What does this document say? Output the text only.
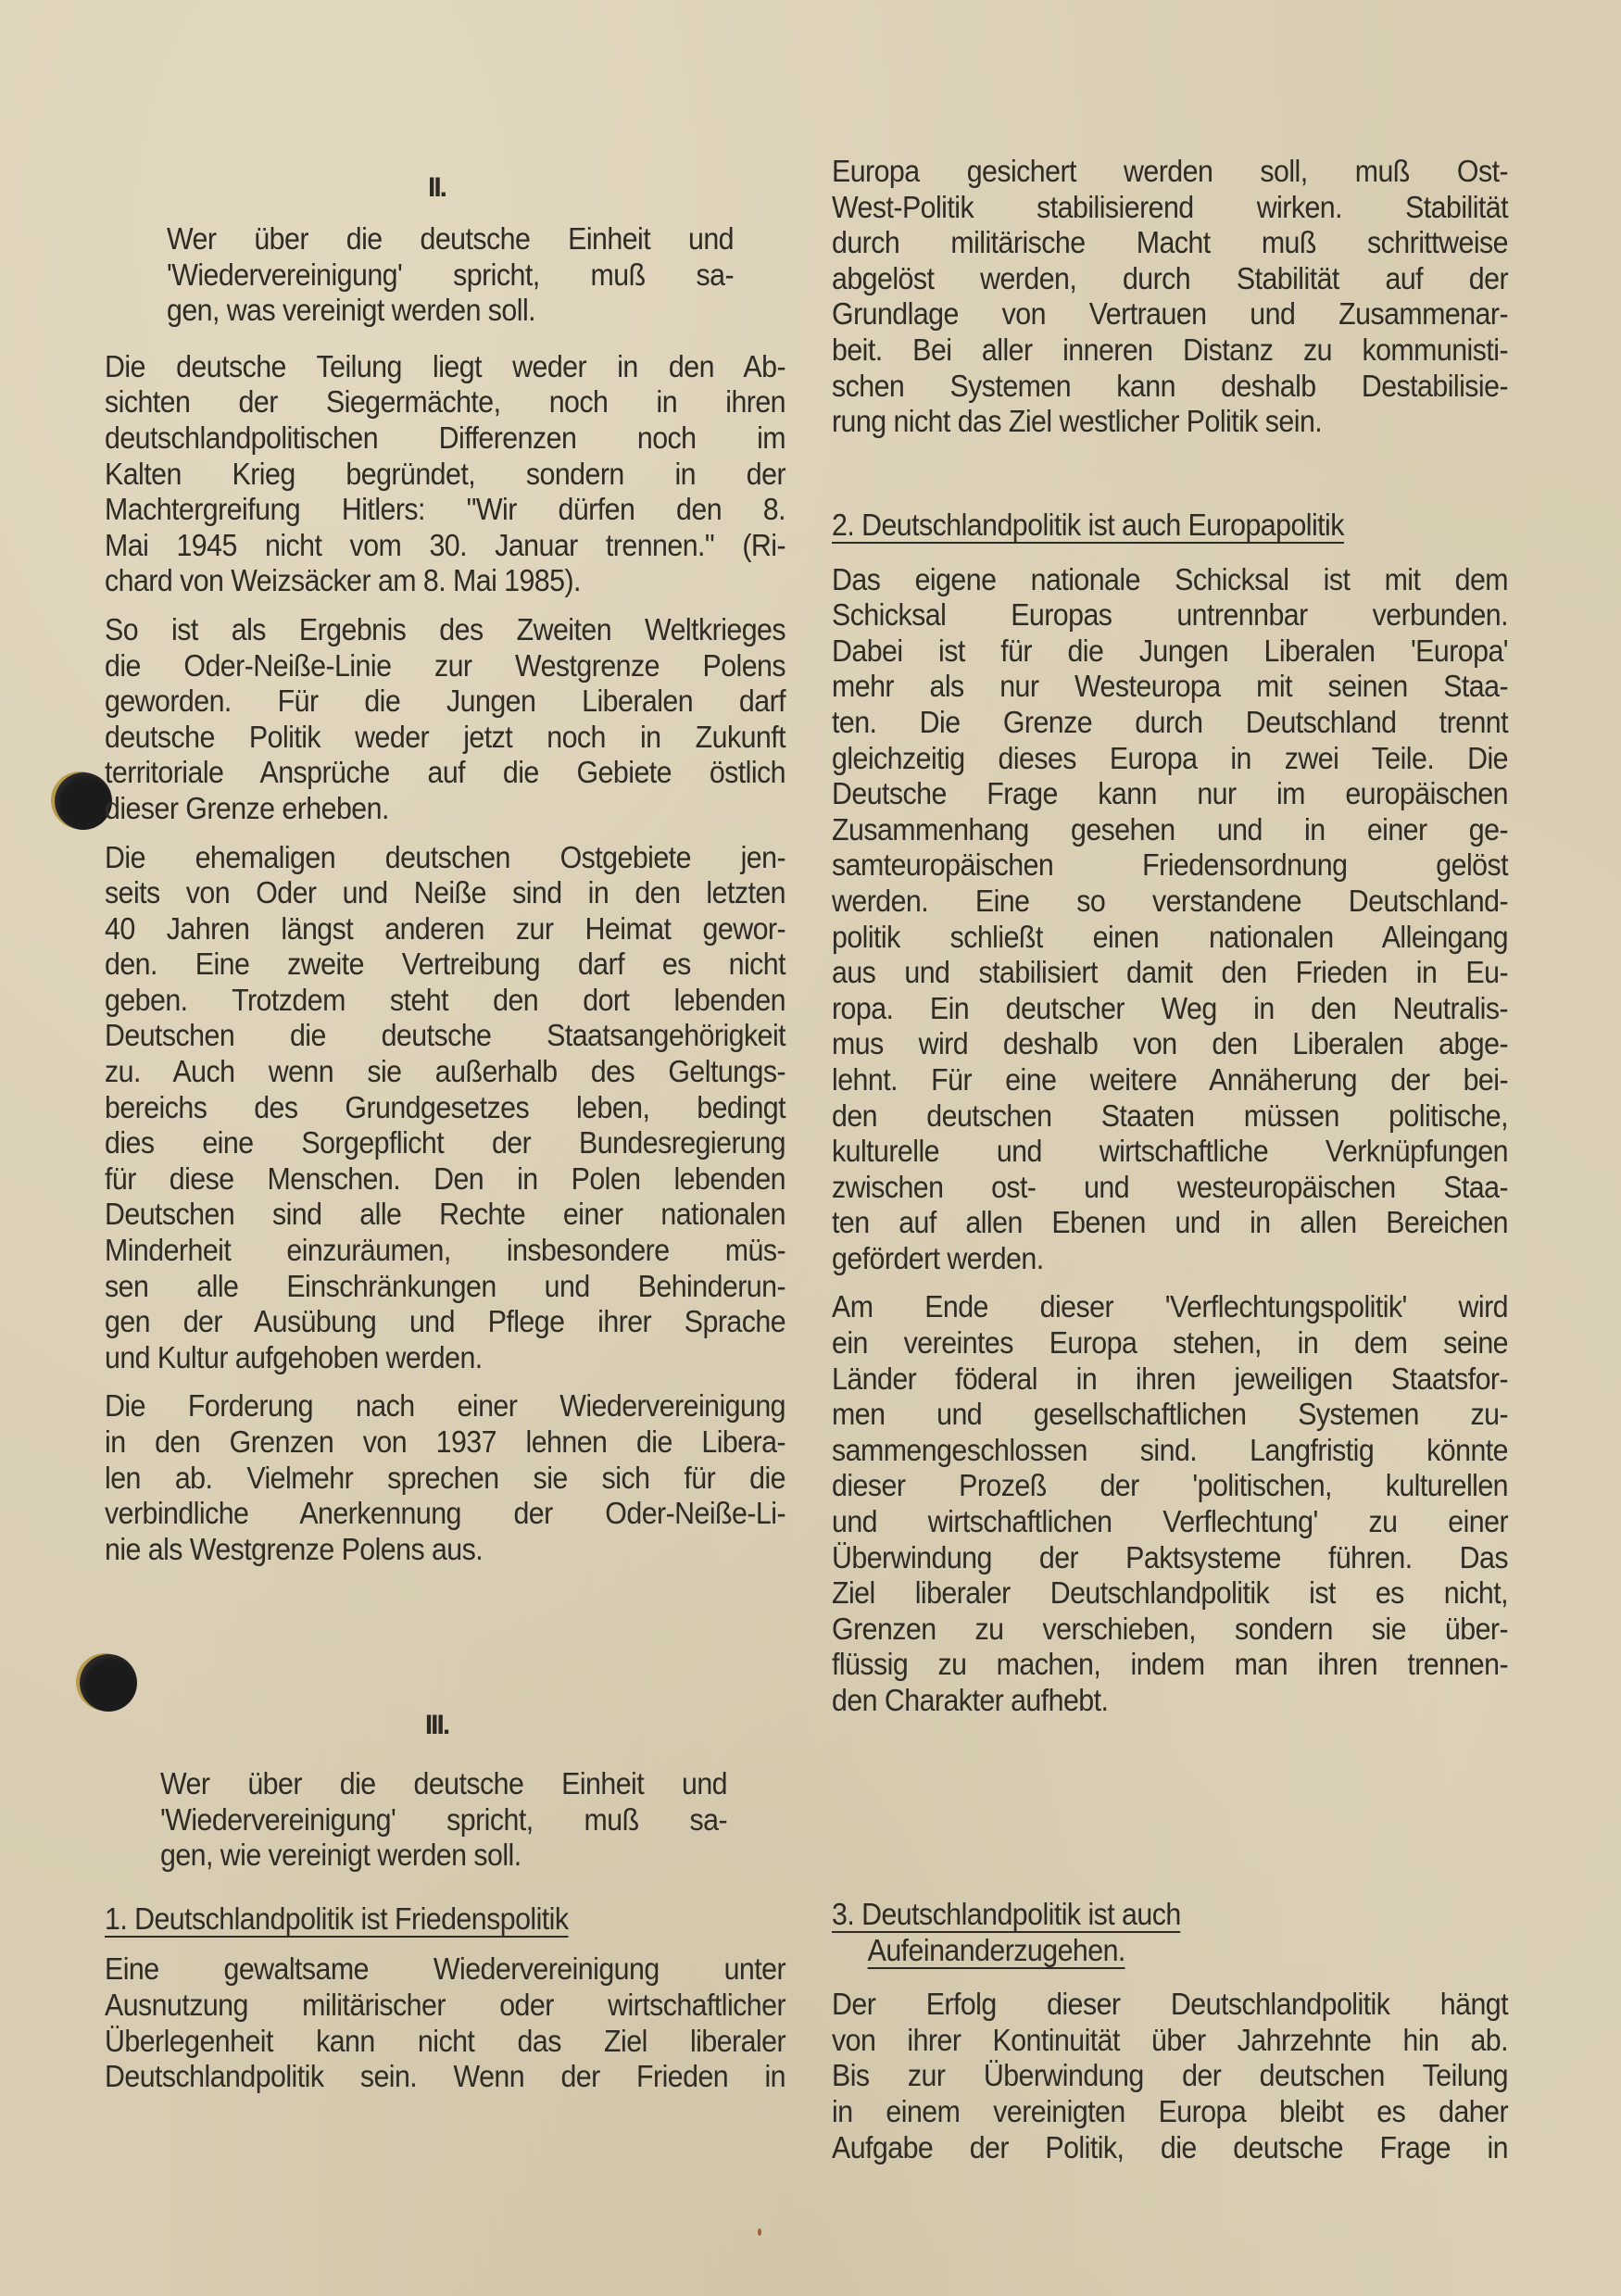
II.
Wer über die deutsche Einheit und
'Wiedervereinigung' spricht, muß sa-
gen, was vereinigt werden soll.
Die deutsche Teilung liegt weder in den Ab-
sichten der Siegermächte, noch in ihren
deutschlandpolitischen Differenzen noch im
Kalten Krieg begründet, sondern in der
Machtergreifung Hitlers: "Wir dürfen den 8.
Mai 1945 nicht vom 30. Januar trennen." (Ri-
chard von Weizsäcker am 8. Mai 1985).
So ist als Ergebnis des Zweiten Weltkrieges
die Oder-Neiße-Linie zur Westgrenze Polens
geworden. Für die Jungen Liberalen darf
deutsche Politik weder jetzt noch in Zukunft
territoriale Ansprüche auf die Gebiete östlich
dieser Grenze erheben.
Die ehemaligen deutschen Ostgebiete jen-
seits von Oder und Neiße sind in den letzten
40 Jahren längst anderen zur Heimat gewor-
den. Eine zweite Vertreibung darf es nicht
geben. Trotzdem steht den dort lebenden
Deutschen die deutsche Staatsangehörigkeit
zu. Auch wenn sie außerhalb des Geltungs-
bereichs des Grundgesetzes leben, bedingt
dies eine Sorgepflicht der Bundesregierung
für diese Menschen. Den in Polen lebenden
Deutschen sind alle Rechte einer nationalen
Minderheit einzuräumen, insbesondere müs-
sen alle Einschränkungen und Behinderun-
gen der Ausübung und Pflege ihrer Sprache
und Kultur aufgehoben werden.
Die Forderung nach einer Wiedervereinigung
in den Grenzen von 1937 lehnen die Libera-
len ab. Vielmehr sprechen sie sich für die
verbindliche Anerkennung der Oder-Neiße-Li-
nie als Westgrenze Polens aus.
III.
Wer über die deutsche Einheit und
'Wiedervereinigung' spricht, muß sa-
gen, wie vereinigt werden soll.
1. Deutschlandpolitik ist Friedenspolitik
Eine gewaltsame Wiedervereinigung unter
Ausnutzung militärischer oder wirtschaftlicher
Überlegenheit kann nicht das Ziel liberaler
Deutschlandpolitik sein. Wenn der Frieden in
Europa gesichert werden soll, muß Ost-
West-Politik stabilisierend wirken. Stabilität
durch militärische Macht muß schrittweise
abgelöst werden, durch Stabilität auf der
Grundlage von Vertrauen und Zusammenar-
beit. Bei aller inneren Distanz zu kommunisti-
schen Systemen kann deshalb Destabilisie-
rung nicht das Ziel westlicher Politik sein.
2. Deutschlandpolitik ist auch Europapolitik
Das eigene nationale Schicksal ist mit dem
Schicksal Europas untrennbar verbunden.
Dabei ist für die Jungen Liberalen 'Europa'
mehr als nur Westeuropa mit seinen Staa-
ten. Die Grenze durch Deutschland trennt
gleichzeitig dieses Europa in zwei Teile. Die
Deutsche Frage kann nur im europäischen
Zusammenhang gesehen und in einer ge-
samteuropäischen Friedensordnung gelöst
werden. Eine so verstandene Deutschland-
politik schließt einen nationalen Alleingang
aus und stabilisiert damit den Frieden in Eu-
ropa. Ein deutscher Weg in den Neutralis-
mus wird deshalb von den Liberalen abge-
lehnt. Für eine weitere Annäherung der bei-
den deutschen Staaten müssen politische,
kulturelle und wirtschaftliche Verknüpfungen
zwischen ost- und westeuropäischen Staa-
ten auf allen Ebenen und in allen Bereichen
gefördert werden.
Am Ende dieser 'Verflechtungspolitik' wird
ein vereintes Europa stehen, in dem seine
Länder föderal in ihren jeweiligen Staatsfor-
men und gesellschaftlichen Systemen zu-
sammengeschlossen sind. Langfristig könnte
dieser Prozeß der 'politischen, kulturellen
und wirtschaftlichen Verflechtung' zu einer
Überwindung der Paktsysteme führen. Das
Ziel liberaler Deutschlandpolitik ist es nicht,
Grenzen zu verschieben, sondern sie über-
flüssig zu machen, indem man ihren trennen-
den Charakter aufhebt.
3. Deutschlandpolitik ist auch
Aufeinanderzugehen.
Der Erfolg dieser Deutschlandpolitik hängt
von ihrer Kontinuität über Jahrzehnte hin ab.
Bis zur Überwindung der deutschen Teilung
in einem vereinigten Europa bleibt es daher
Aufgabe der Politik, die deutsche Frage in
